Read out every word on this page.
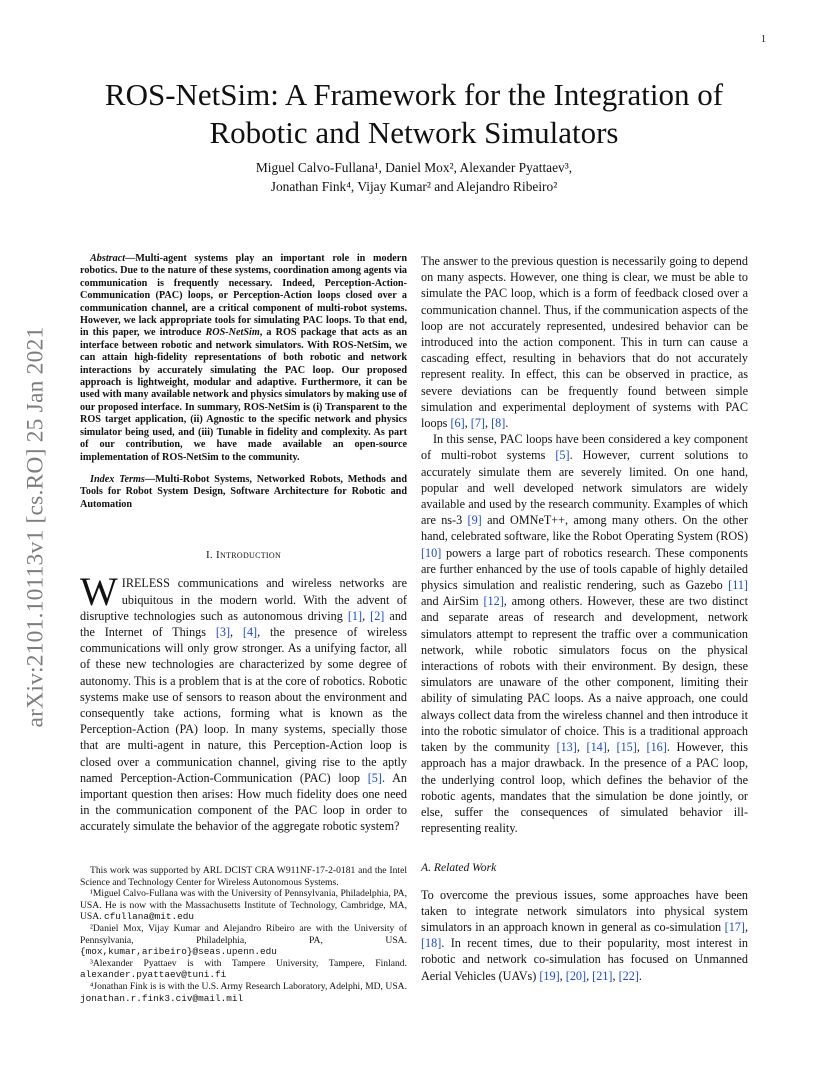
1
arXiv:2101.10113v1 [cs.RO] 25 Jan 2021
ROS-NetSim: A Framework for the Integration of
Robotic and Network Simulators
Miguel Calvo-Fullana¹, Daniel Mox², Alexander Pyattaev³,
Jonathan Fink⁴, Vijay Kumar² and Alejandro Ribeiro²

Abstract—Multi-agent systems play an important role in modern robotics. Due to the nature of these systems, coordination among agents via communication is frequently necessary. Indeed, Perception-Action-Communication (PAC) loops, or Perception-Action loops closed over a communication channel, are a critical component of multi-robot systems. However, we lack appropriate tools for simulating PAC loops. To that end, in this paper, we introduce ROS-NetSim, a ROS package that acts as an interface between robotic and network simulators. With ROS-NetSim, we can attain high-fidelity representations of both robotic and network interactions by accurately simulating the PAC loop. Our proposed approach is lightweight, modular and adaptive. Furthermore, it can be used with many available network and physics simulators by making use of our proposed interface. In summary, ROS-NetSim is (i) Transparent to the ROS target application, (ii) Agnostic to the specific network and physics simulator being used, and (iii) Tunable in fidelity and complexity. As part of our contribution, we have made available an open-source implementation of ROS-NetSim to the community.

Index Terms—Multi-Robot Systems, Networked Robots, Methods and Tools for Robot System Design, Software Architecture for Robotic and Automation

I. Introduction

WIRELESS communications and wireless networks are ubiquitous in the modern world. With the advent of disruptive technologies such as autonomous driving [1], [2] and the Internet of Things [3], [4], the presence of wireless communications will only grow stronger. As a unifying factor, all of these new technologies are characterized by some degree of autonomy. This is a problem that is at the core of robotics. Robotic systems make use of sensors to reason about the environment and consequently take actions, forming what is known as the Perception-Action (PA) loop. In many systems, specially those that are multi-agent in nature, this Perception-Action loop is closed over a communication channel, giving rise to the aptly named Perception-Action-Communication (PAC) loop [5]. An important question then arises: How much fidelity does one need in the communication component of the PAC loop in order to accurately simulate the behavior of the aggregate robotic system?

This work was supported by ARL DCIST CRA W911NF-17-2-0181 and the Intel Science and Technology Center for Wireless Autonomous Systems.

¹Miguel Calvo-Fullana was with the University of Pennsylvania, Philadelphia, PA, USA. He is now with the Massachusetts Institute of Technology, Cambridge, MA, USA. cfullana@mit.edu

²Daniel Mox, Vijay Kumar and Alejandro Ribeiro are with the University of Pennsylvania, Philadelphia, PA, USA. {mox,kumar,aribeiro}@seas.upenn.edu

³Alexander Pyattaev is with Tampere University, Tampere, Finland. alexander.pyattaev@tuni.fi

⁴Jonathan Fink is is with the U.S. Army Research Laboratory, Adelphi, MD, USA. jonathan.r.fink3.civ@mail.mil

The answer to the previous question is necessarily going to depend on many aspects. However, one thing is clear, we must be able to simulate the PAC loop, which is a form of feedback closed over a communication channel. Thus, if the communication aspects of the loop are not accurately represented, undesired behavior can be introduced into the action component. This in turn can cause a cascading effect, resulting in behaviors that do not accurately represent reality. In effect, this can be observed in practice, as severe deviations can be frequently found between simple simulation and experimental deployment of systems with PAC loops [6], [7], [8].

In this sense, PAC loops have been considered a key component of multi-robot systems [5]. However, current solutions to accurately simulate them are severely limited. On one hand, popular and well developed network simulators are widely available and used by the research community. Examples of which are ns-3 [9] and OMNeT++, among many others. On the other hand, celebrated software, like the Robot Operating System (ROS) [10] powers a large part of robotics research. These components are further enhanced by the use of tools capable of highly detailed physics simulation and realistic rendering, such as Gazebo [11] and AirSim [12], among others. However, these are two distinct and separate areas of research and development, network simulators attempt to represent the traffic over a communication network, while robotic simulators focus on the physical interactions of robots with their environment. By design, these simulators are unaware of the other component, limiting their ability of simulating PAC loops. As a naive approach, one could always collect data from the wireless channel and then introduce it into the robotic simulator of choice. This is a traditional approach taken by the community [13], [14], [15], [16]. However, this approach has a major drawback. In the presence of a PAC loop, the underlying control loop, which defines the behavior of the robotic agents, mandates that the simulation be done jointly, or else, suffer the consequences of simulated behavior ill-representing reality.

A. Related Work

To overcome the previous issues, some approaches have been taken to integrate network simulators into physical system simulators in an approach known in general as co-simulation [17], [18]. In recent times, due to their popularity, most interest in robotic and network co-simulation has focused on Unmanned Aerial Vehicles (UAVs) [19], [20], [21], [22].
